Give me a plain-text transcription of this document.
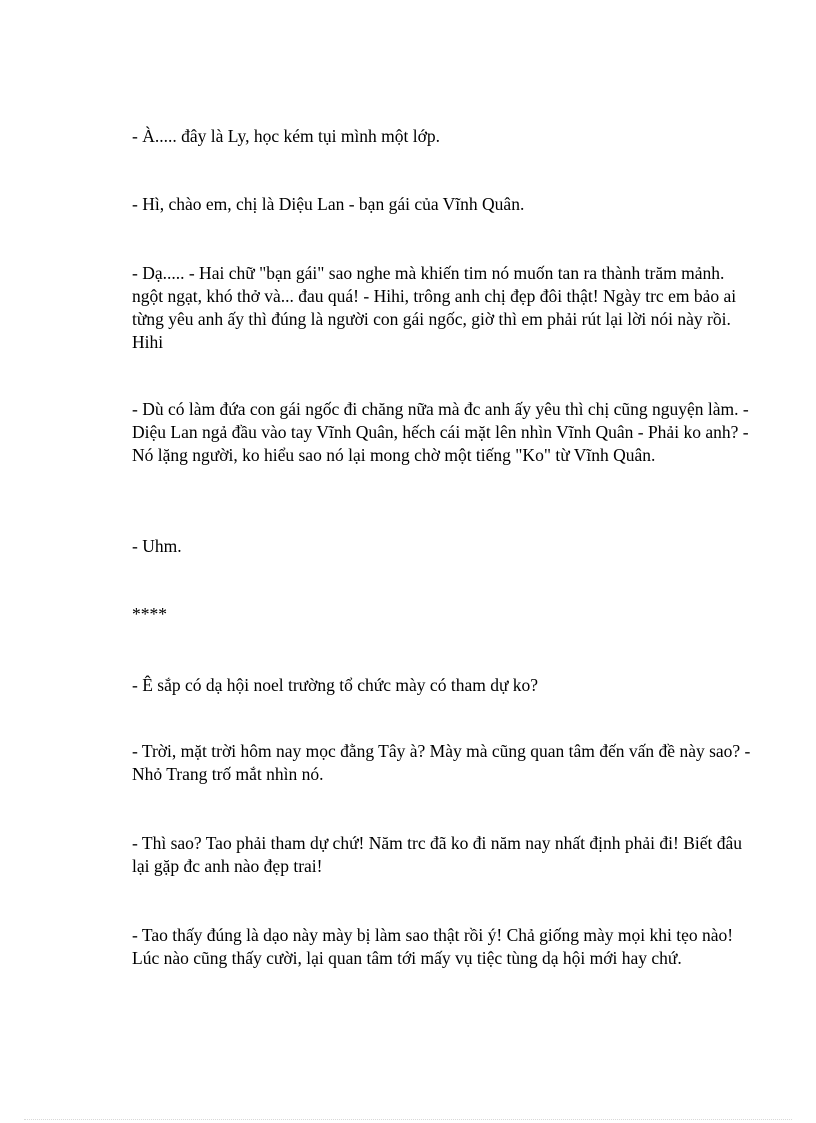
- À..... đây là Ly, học kém tụi mình một lớp.

- Hì, chào em, chị là Diệu Lan - bạn gái của Vĩnh Quân.

- Dạ..... - Hai chữ "bạn gái" sao nghe mà khiến tim nó muốn tan ra thành trăm mảnh. ngột ngạt, khó thở và... đau quá! - Hihi, trông anh chị đẹp đôi thật! Ngày trc em bảo ai từng yêu anh ấy thì đúng là người con gái ngốc, giờ thì em phải rút lại lời nói này rồi. Hihi

- Dù có làm đứa con gái ngốc đi chăng nữa mà đc anh ấy yêu thì chị cũng nguyện làm. - Diệu Lan ngả đầu vào tay Vĩnh Quân, hếch cái mặt lên nhìn Vĩnh Quân - Phải ko anh? - Nó lặng người, ko hiểu sao nó lại mong chờ một tiếng "Ko" từ Vĩnh Quân.

- Uhm.

****

- Ê sắp có dạ hội noel trường tổ chức mày có tham dự ko?

- Trời, mặt trời hôm nay mọc đằng Tây à? Mày mà cũng quan tâm đến vấn đề này sao? - Nhỏ Trang trố mắt nhìn nó.

- Thì sao? Tao phải tham dự chứ! Năm trc đã ko đi năm nay nhất định phải đi! Biết đâu lại gặp đc anh nào đẹp trai!

- Tao thấy đúng là dạo này mày bị làm sao thật rồi ý! Chả giống mày mọi khi tẹo nào! Lúc nào cũng thấy cười, lại quan tâm tới mấy vụ tiệc tùng dạ hội mới hay chứ.
